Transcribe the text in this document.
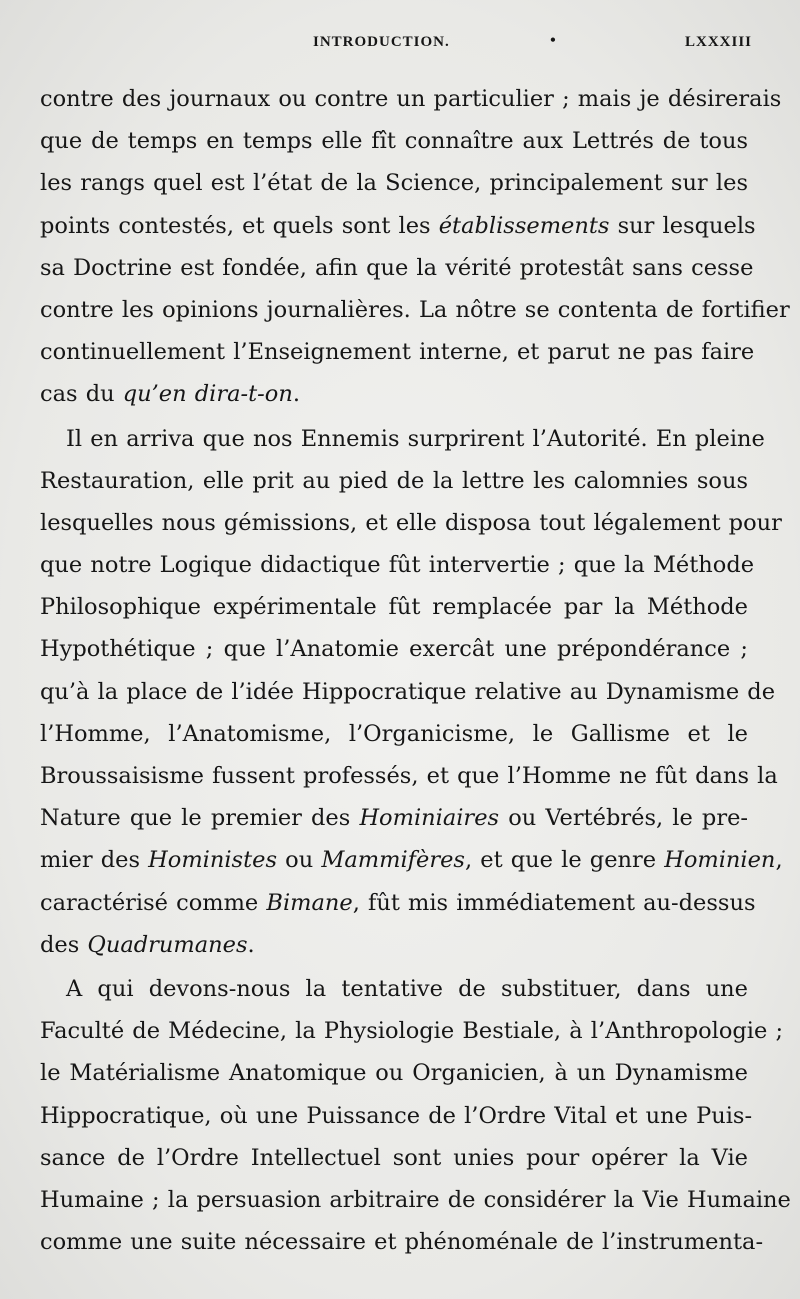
INTRODUCTION.	•	LXXXIII
contre des journaux ou contre un particulier ; mais je désirerais
que de temps en temps elle fît connaître aux Lettrés de tous
les rangs quel est l’état de la Science, principalement sur les
points contestés, et quels sont les établissements sur lesquels
sa Doctrine est fondée, afin que la vérité protestât sans cesse
contre les opinions journalières. La nôtre se contenta de fortifier
continuellement l’Enseignement interne, et parut ne pas faire
cas du qu’en dira-t-on.
Il en arriva que nos Ennemis surprirent l’Autorité. En pleine
Restauration, elle prit au pied de la lettre les calomnies sous
lesquelles nous gémissions, et elle disposa tout légalement pour
que notre Logique didactique fût intervertie ; que la Méthode
Philosophique expérimentale fût remplacée par la Méthode
Hypothétique ; que l’Anatomie exercât une prépondérance ;
qu’à la place de l’idée Hippocratique relative au Dynamisme de
l’Homme, l’Anatomisme, l’Organicisme, le Gallisme et le
Broussaisisme fussent professés, et que l’Homme ne fût dans la
Nature que le premier des Hominiaires ou Vertébrés, le pre-
mier des Hoministes ou Mammifères, et que le genre Hominien,
caractérisé comme Bimane, fût mis immédiatement au-dessus
des Quadrumanes.
A qui devons-nous la tentative de substituer, dans une
Faculté de Médecine, la Physiologie Bestiale, à l’Anthropologie ;
le Matérialisme Anatomique ou Organicien, à un Dynamisme
Hippocratique, où une Puissance de l’Ordre Vital et une Puis-
sance de l’Ordre Intellectuel sont unies pour opérer la Vie
Humaine ; la persuasion arbitraire de considérer la Vie Humaine
comme une suite nécessaire et phénoménale de l’instrumenta-
